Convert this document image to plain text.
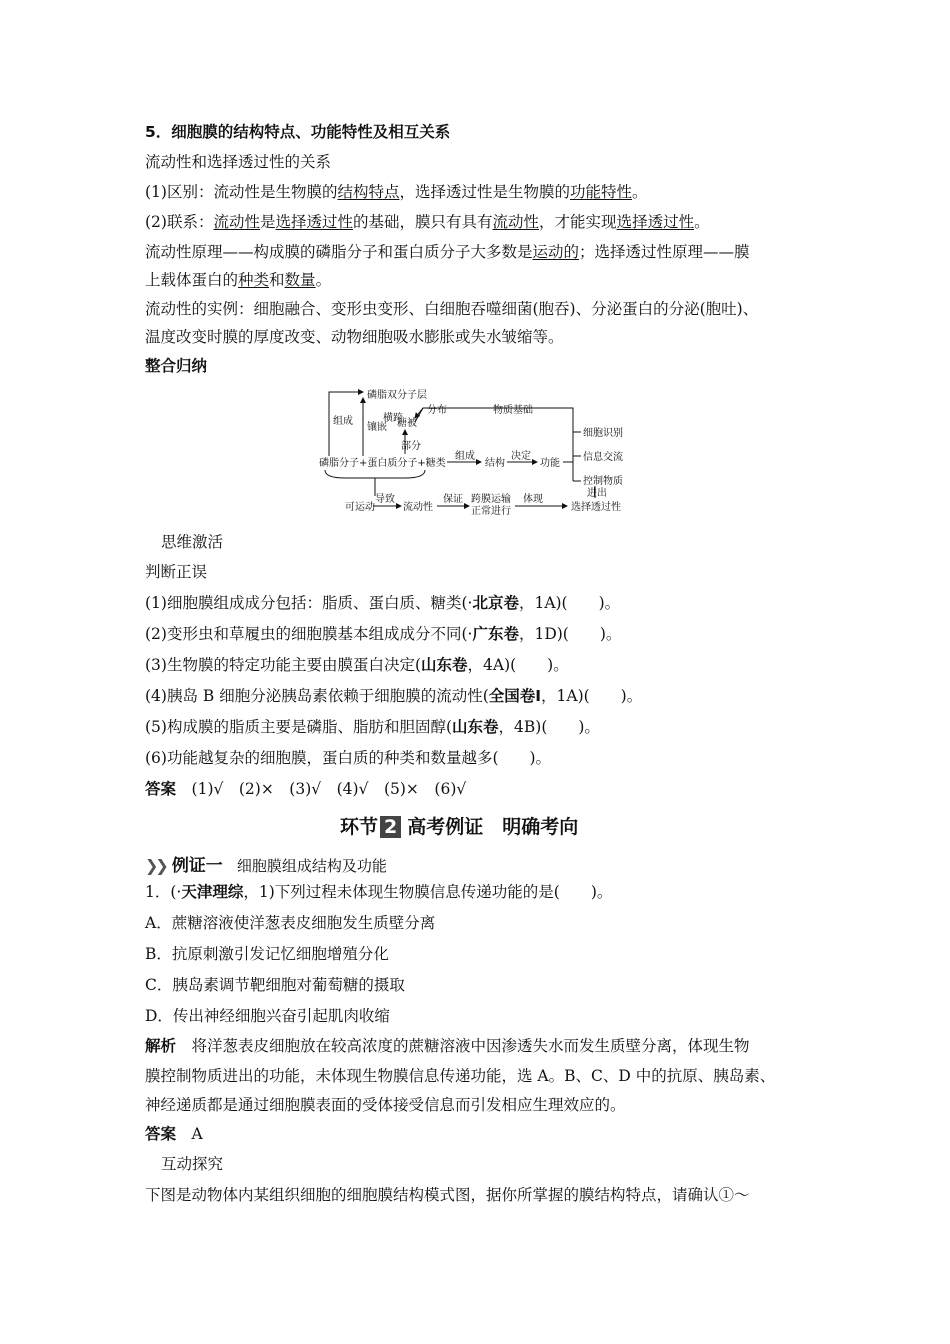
5．细胞膜的结构特点、功能特性及相互关系
流动性和选择透过性的关系
(1)区别：流动性是生物膜的结构特点，选择透过性是生物膜的功能特性。
(2)联系：流动性是选择透过性的基础，膜只有具有流动性，才能实现选择透过性。
流动性原理——构成膜的磷脂分子和蛋白质分子大多数是运动的；选择透过性原理——膜
上载体蛋白的种类和数量。
流动性的实例：细胞融合、变形虫变形、白细胞吞噬细菌(胞吞)、分泌蛋白的分泌(胞吐)、
温度改变时膜的厚度改变、动物细胞吸水膨胀或失水皱缩等。
整合归纳
磷脂双分子层
分布
糖被
物质基础
组成

镶嵌
横跨
部分
磷脂分子+蛋白质分子+糖类
组成
结构
决定
功能
细胞识别
信息交流
控制物质
进出
可运动
导致
流动性
保证 跨膜运输
正常进行
体现
选择透过性
思维激活
判断正误
(1)细胞膜组成成分包括：脂质、蛋白质、糖类(·北京卷，1A)(　　)。
(2)变形虫和草履虫的细胞膜基本组成成分不同(·广东卷，1D)(　　)。
(3)生物膜的特定功能主要由膜蛋白决定(山东卷，4A)(　　)。
(4)胰岛 B 细胞分泌胰岛素依赖于细胞膜的流动性(全国卷Ⅰ，1A)(　　)。
(5)构成膜的脂质主要是磷脂、脂肪和胆固醇(山东卷，4B)(　　)。
(6)功能越复杂的细胞膜，蛋白质的种类和数量越多(　　)。
答案　 (1)√　(2)×　(3)√　(4)√　(5)×　(6)√
环节 2 高考例证　明确考向
❯❯ 例证一 细胞膜组成结构及功能
1．(·天津理综，1)下列过程未体现生物膜信息传递功能的是(　　)。
A．蔗糖溶液使洋葱表皮细胞发生质壁分离
B．抗原刺激引发记忆细胞增殖分化
C．胰岛素调节靶细胞对葡萄糖的摄取
D．传出神经细胞兴奋引起肌肉收缩
解析　 将洋葱表皮细胞放在较高浓度的蔗糖溶液中因渗透失水而发生质壁分离，体现生物
膜控制物质进出的功能，未体现生物膜信息传递功能，选 A。B、C、D 中的抗原、胰岛素、
神经递质都是通过细胞膜表面的受体接受信息而引发相应生理效应的。
答案　 A
互动探究
下图是动物体内某组织细胞的细胞膜结构模式图，据你所掌握的膜结构特点，请确认①～
